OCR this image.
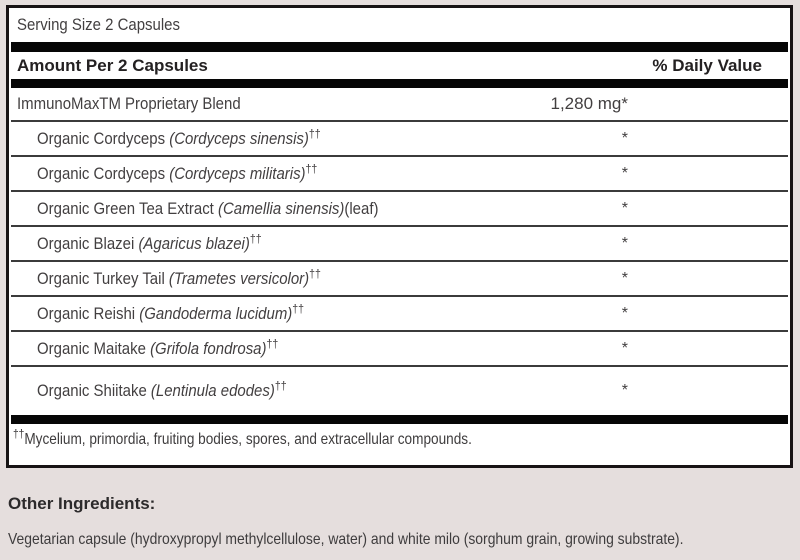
Serving Size 2 Capsules
Amount Per 2 Capsules	% Daily Value
ImmunoMaxTM Proprietary Blend	1,280 mg*
Organic Cordyceps (Cordyceps sinensis)††	*
Organic Cordyceps (Cordyceps militaris)††	*
Organic Green Tea Extract (Camellia sinensis)(leaf)	*
Organic Blazei (Agaricus blazei)††	*
Organic Turkey Tail (Trametes versicolor)††	*
Organic Reishi (Gandoderma lucidum)††	*
Organic Maitake (Grifola fondrosa)††	*
Organic Shiitake (Lentinula edodes)††	*
††Mycelium, primordia, fruiting bodies, spores, and extracellular compounds.
Other Ingredients:
Vegetarian capsule (hydroxypropyl methylcellulose, water) and white milo (sorghum grain, growing substrate).
